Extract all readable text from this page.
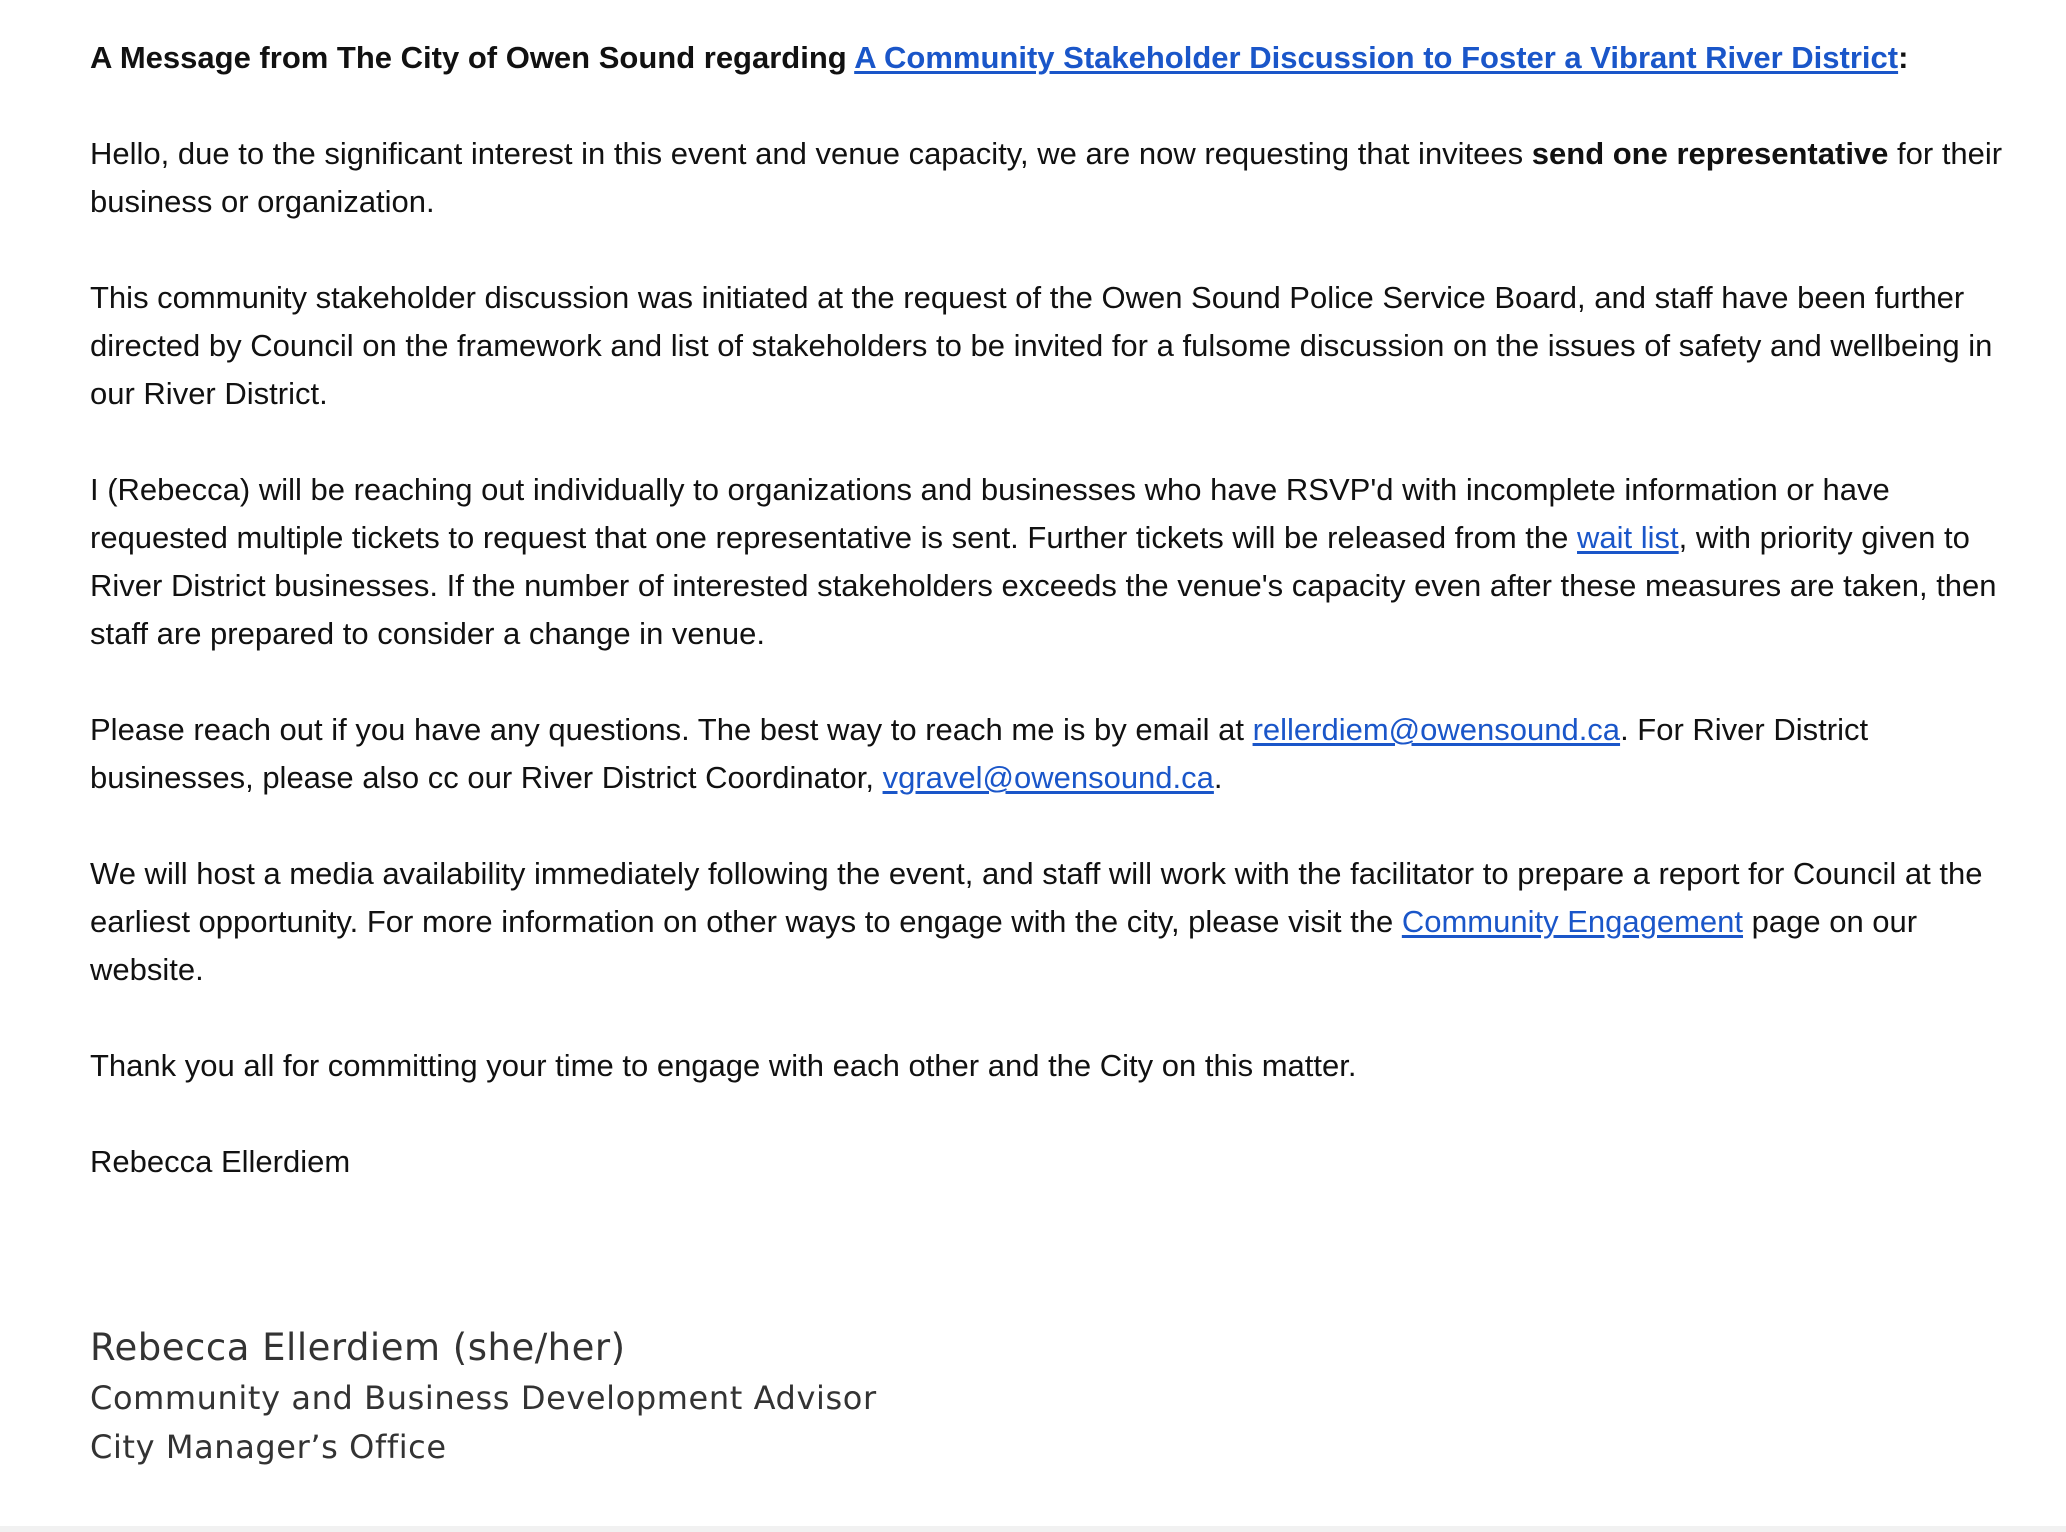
A Message from The City of Owen Sound regarding A Community Stakeholder Discussion to Foster a Vibrant River District:

Hello, due to the significant interest in this event and venue capacity, we are now requesting that invitees send one representative for their business or organization.

This community stakeholder discussion was initiated at the request of the Owen Sound Police Service Board, and staff have been further directed by Council on the framework and list of stakeholders to be invited for a fulsome discussion on the issues of safety and wellbeing in our River District.

I (Rebecca) will be reaching out individually to organizations and businesses who have RSVP'd with incomplete information or have requested multiple tickets to request that one representative is sent. Further tickets will be released from the wait list, with priority given to River District businesses. If the number of interested stakeholders exceeds the venue's capacity even after these measures are taken, then staff are prepared to consider a change in venue.

Please reach out if you have any questions. The best way to reach me is by email at rellerdiem@owensound.ca. For River District businesses, please also cc our River District Coordinator, vgravel@owensound.ca.

We will host a media availability immediately following the event, and staff will work with the facilitator to prepare a report for Council at the earliest opportunity. For more information on other ways to engage with the city, please visit the Community Engagement page on our website.

Thank you all for committing your time to engage with each other and the City on this matter.

Rebecca Ellerdiem

Rebecca Ellerdiem (she/her)
Community and Business Development Advisor
City Manager’s Office
